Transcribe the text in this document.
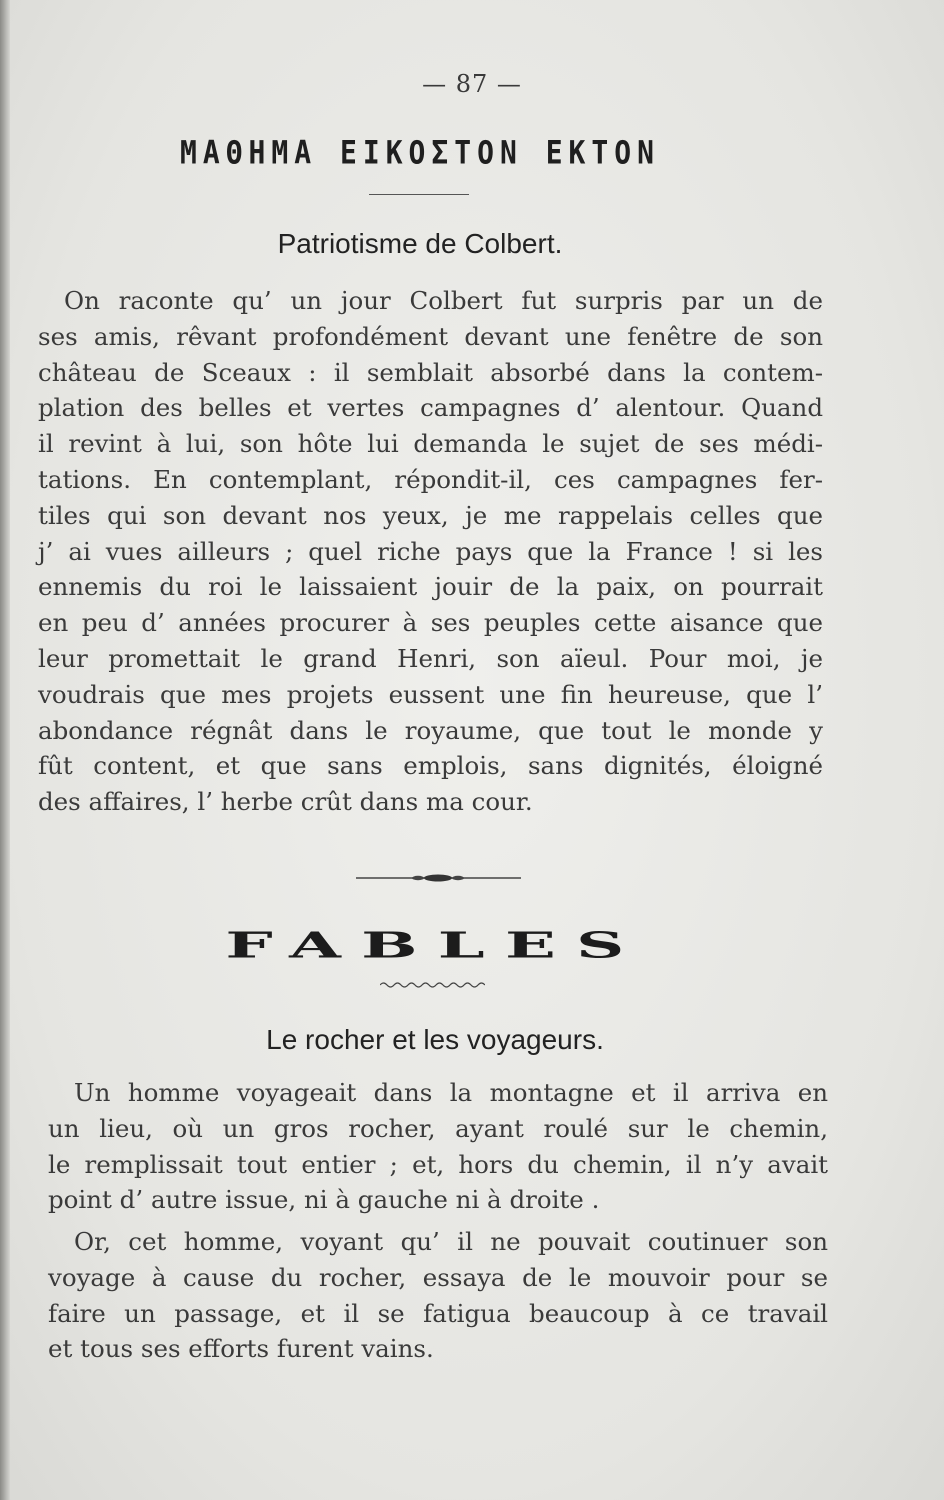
— 87 —
ΜΑΘΗΜΑ ΕΙΚΟΣΤΟΝ ΕΚΤΟΝ
Patriotisme de Colbert.
On raconte qu’ un jour Colbert fut surpris par un de
ses amis, rêvant profondément devant une fenêtre de son
château de Sceaux : il semblait absorbé dans la contem-
plation des belles et vertes campagnes d’ alentour. Quand
il revint à lui, son hôte lui demanda le sujet de ses médi-
tations. En contemplant, répondit-il, ces campagnes fer-
tiles qui son devant nos yeux, je me rappelais celles que
j’ ai vues ailleurs ; quel riche pays que la France ! si les
ennemis du roi le laissaient jouir de la paix, on pourrait
en peu d’ années procurer à ses peuples cette aisance que
leur promettait le grand Henri, son aïeul. Pour moi, je
voudrais que mes projets eussent une fin heureuse, que l’
abondance régnât dans le royaume, que tout le monde y
fût content, et que sans emplois, sans dignités, éloigné
des affaires, l’ herbe crût dans ma cour.
FABLES
Le rocher et les voyageurs.
Un homme voyageait dans la montagne et il arriva en
un lieu, où un gros rocher, ayant roulé sur le chemin,
le remplissait tout entier ; et, hors du chemin, il n’y avait
point d’ autre issue, ni à gauche ni à droite .
Or, cet homme, voyant qu’ il ne pouvait coutinuer son
voyage à cause du rocher, essaya de le mouvoir pour se
faire un passage, et il se fatigua beaucoup à ce travail
et tous ses efforts furent vains.
